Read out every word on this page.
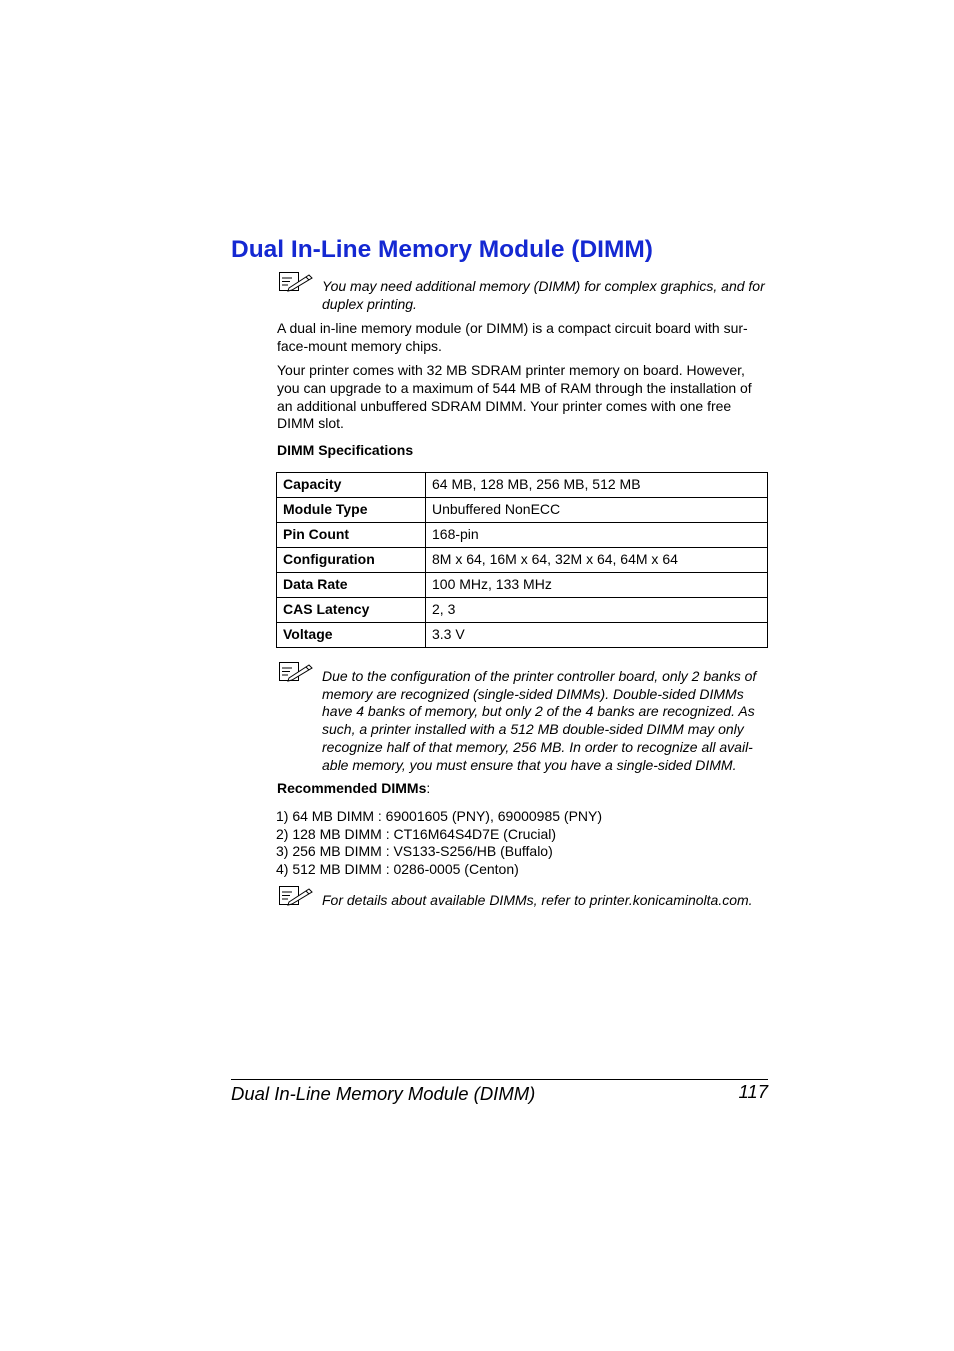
Dual In-Line Memory Module (DIMM)

You may need additional memory (DIMM) for complex graphics, and for duplex printing.

A dual in-line memory module (or DIMM) is a compact circuit board with sur-face-mount memory chips.

Your printer comes with 32 MB SDRAM printer memory on board. However, you can upgrade to a maximum of 544 MB of RAM through the installation of an additional unbuffered SDRAM DIMM. Your printer comes with one free DIMM slot.

DIMM Specifications

Capacity	64 MB, 128 MB, 256 MB, 512 MB
Module Type	Unbuffered NonECC
Pin Count	168-pin
Configuration	8M x 64, 16M x 64, 32M x 64, 64M x 64
Data Rate	100 MHz, 133 MHz
CAS Latency	2, 3
Voltage	3.3 V

Due to the configuration of the printer controller board, only 2 banks of memory are recognized (single-sided DIMMs). Double-sided DIMMs have 4 banks of memory, but only 2 of the 4 banks are recognized. As such, a printer installed with a 512 MB double-sided DIMM may only recognize half of that memory, 256 MB. In order to recognize all avail-able memory, you must ensure that you have a single-sided DIMM.

Recommended DIMMs:

1) 64 MB DIMM : 69001605 (PNY), 69000985 (PNY)
2) 128 MB DIMM : CT16M64S4D7E (Crucial)
3) 256 MB DIMM : VS133-S256/HB (Buffalo)
4) 512 MB DIMM : 0286-0005 (Centon)

For details about available DIMMs, refer to printer.konicaminolta.com.

Dual In-Line Memory Module (DIMM)	117
